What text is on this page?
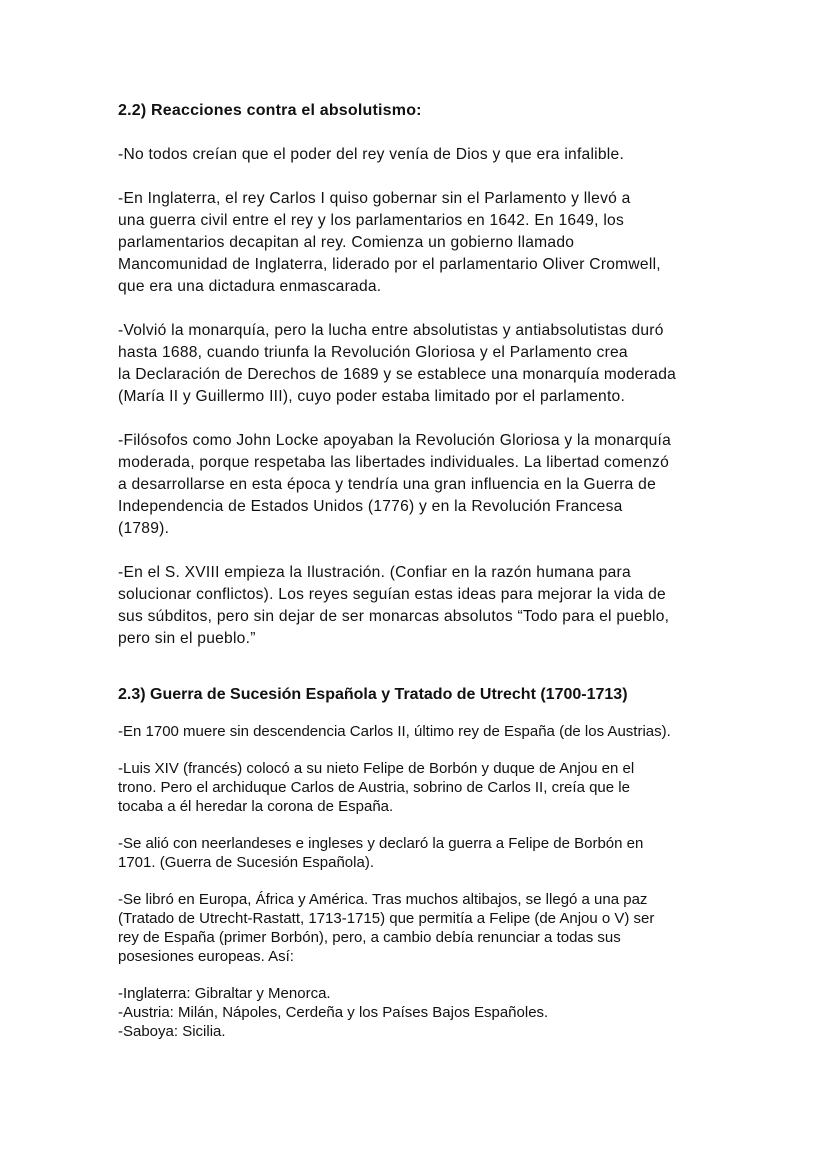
2.2) Reacciones contra el absolutismo:

-No todos creían que el poder del rey venía de Dios y que era infalible.

-En Inglaterra, el rey Carlos I quiso gobernar sin el Parlamento y llevó a
una guerra civil entre el rey y los parlamentarios en 1642. En 1649, los
parlamentarios decapitan al rey. Comienza un gobierno llamado
Mancomunidad de Inglaterra, liderado por el parlamentario Oliver Cromwell,
que era una dictadura enmascarada.

-Volvió la monarquía, pero la lucha entre absolutistas y antiabsolutistas duró
hasta 1688, cuando triunfa la Revolución Gloriosa y el Parlamento crea
la Declaración de Derechos de 1689 y se establece una monarquía moderada
(María II y Guillermo III), cuyo poder estaba limitado por el parlamento.

-Filósofos como John Locke apoyaban la Revolución Gloriosa y la monarquía
moderada, porque respetaba las libertades individuales. La libertad comenzó
a desarrollarse en esta época y tendría una gran influencia en la Guerra de
Independencia de Estados Unidos (1776) y en la Revolución Francesa
(1789).

-En el S. XVIII empieza la Ilustración. (Confiar en la razón humana para
solucionar conflictos). Los reyes seguían estas ideas para mejorar la vida de
sus súbditos, pero sin dejar de ser monarcas absolutos “Todo para el pueblo,
pero sin el pueblo.”

2.3) Guerra de Sucesión Española y Tratado de Utrecht (1700-1713)

-En 1700 muere sin descendencia Carlos II, último rey de España (de los Austrias).

-Luis XIV (francés) colocó a su nieto Felipe de Borbón y duque de Anjou en el
trono. Pero el archiduque Carlos de Austria, sobrino de Carlos II, creía que le
tocaba a él heredar la corona de España.

-Se alió con neerlandeses e ingleses y declaró la guerra a Felipe de Borbón en
1701. (Guerra de Sucesión Española).

-Se libró en Europa, África y América. Tras muchos altibajos, se llegó a una paz
(Tratado de Utrecht-Rastatt, 1713-1715) que permitía a Felipe (de Anjou o V) ser
rey de España (primer Borbón), pero, a cambio debía renunciar a todas sus
posesiones europeas. Así:

-Inglaterra: Gibraltar y Menorca.
-Austria: Milán, Nápoles, Cerdeña y los Países Bajos Españoles.
-Saboya: Sicilia.
